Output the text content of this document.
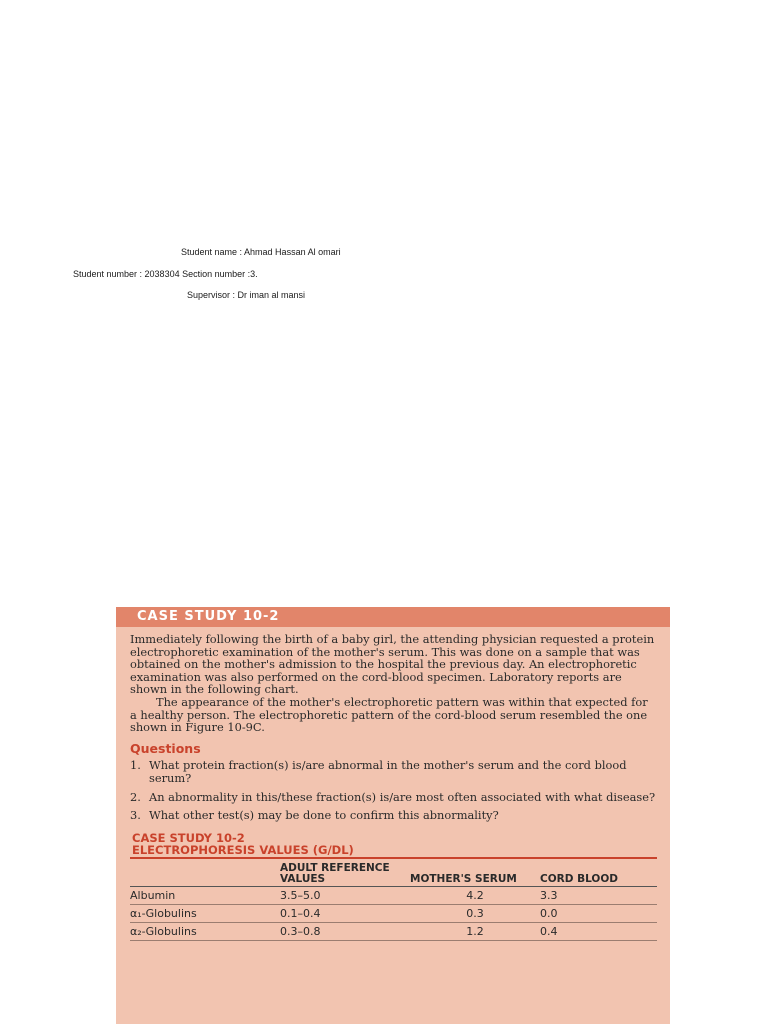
Student name : Ahmad Hassan Al omari
Student number : 2038304 Section number :3.
Supervisor : Dr iman al mansi
CASE STUDY 10-2

Immediately following the birth of a baby girl, the attending physician requested a protein electrophoretic examination of the mother's serum. This was done on a sample that was obtained on the mother's admission to the hospital the previous day. An electrophoretic examination was also performed on the cord-blood specimen. Laboratory reports are shown in the following chart.

The appearance of the mother's electrophoretic pattern was within that expected for a healthy person. The electrophoretic pattern of the cord-blood serum resembled the one shown in Figure 10-9C.

Questions
1. What protein fraction(s) is/are abnormal in the mother's serum and the cord blood serum?
2. An abnormality in this/these fraction(s) is/are most often associated with what disease?
3. What other test(s) may be done to confirm this abnormality?
CASE STUDY 10-2
ELECTROPHORESIS VALUES (G/DL)
	ADULT REFERENCE VALUES	MOTHER'S SERUM	CORD BLOOD
Albumin	3.5–5.0	4.2	3.3
α₁-Globulins	0.1–0.4	0.3	0.0
α₂-Globulins	0.3–0.8	1.2	0.4
